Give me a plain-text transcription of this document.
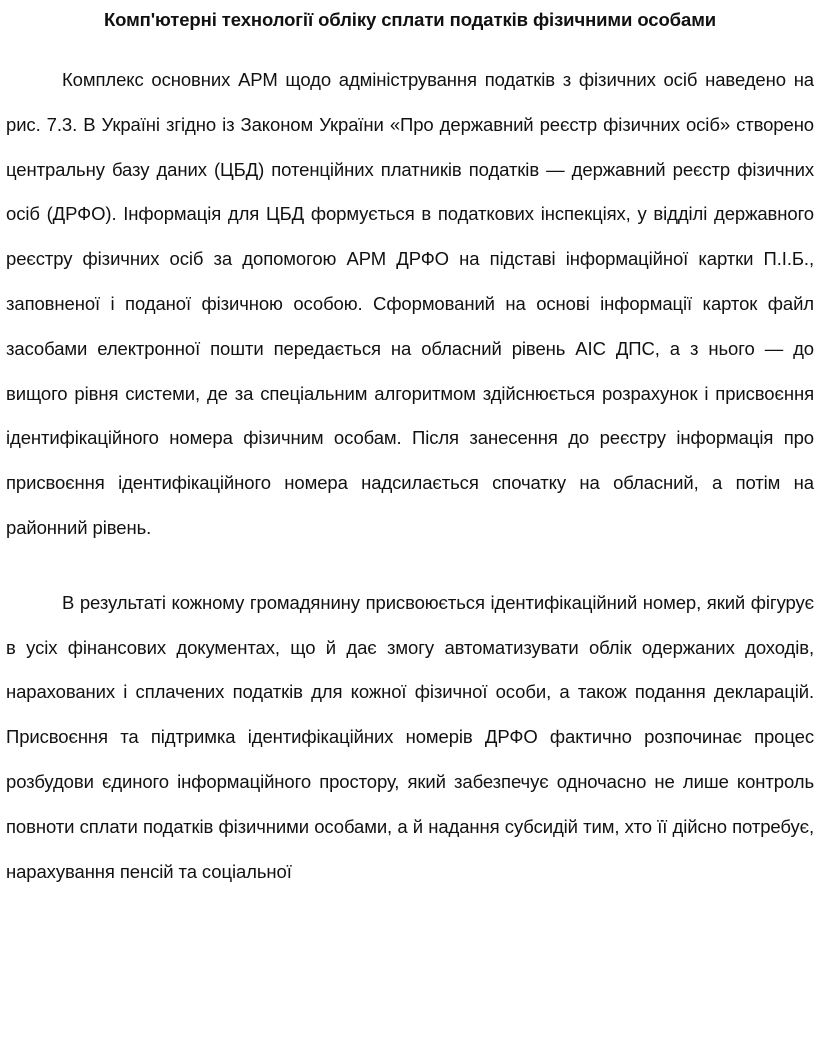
Комп'ютерні технології обліку сплати податків фізичними особами

Комплекс основних АРМ щодо адміністрування податків з фізичних осіб наведено на рис. 7.3. В Україні згідно із Законом України «Про державний реєстр фізичних осіб» створено центральну базу даних (ЦБД) потенційних платників податків — державний реєстр фізичних осіб (ДРФО). Інформація для ЦБД формується в податкових інспекціях, у відділі державного реєстру фізичних осіб за допомогою АРМ ДРФО на підставі інформаційної картки П.І.Б., заповненої і поданої фізичною особою. Сформований на основі інформації карток файл засобами електронної пошти передається на обласний рівень АІС ДПС, а з нього — до вищого рівня системи, де за спеціальним алгоритмом здійснюється розрахунок і присвоєння ідентифікаційного номера фізичним особам. Після занесення до реєстру інформація про присвоєння ідентифікаційного номера надсилається спочатку на обласний, а потім на районний рівень.

В результаті кожному громадянину присвоюється ідентифікаційний номер, який фігурує в усіх фінансових документах, що й дає змогу автоматизувати облік одержаних доходів, нарахованих і сплачених податків для кожної фізичної особи, а також подання декларацій. Присвоєння та підтримка ідентифікаційних номерів ДРФО фактично розпочинає процес розбудови єдиного інформаційного простору, який забезпечує одночасно не лише контроль повноти сплати податків фізичними особами, а й надання субсидій тим, хто її дійсно потребує, нарахування пенсій та соціальної
